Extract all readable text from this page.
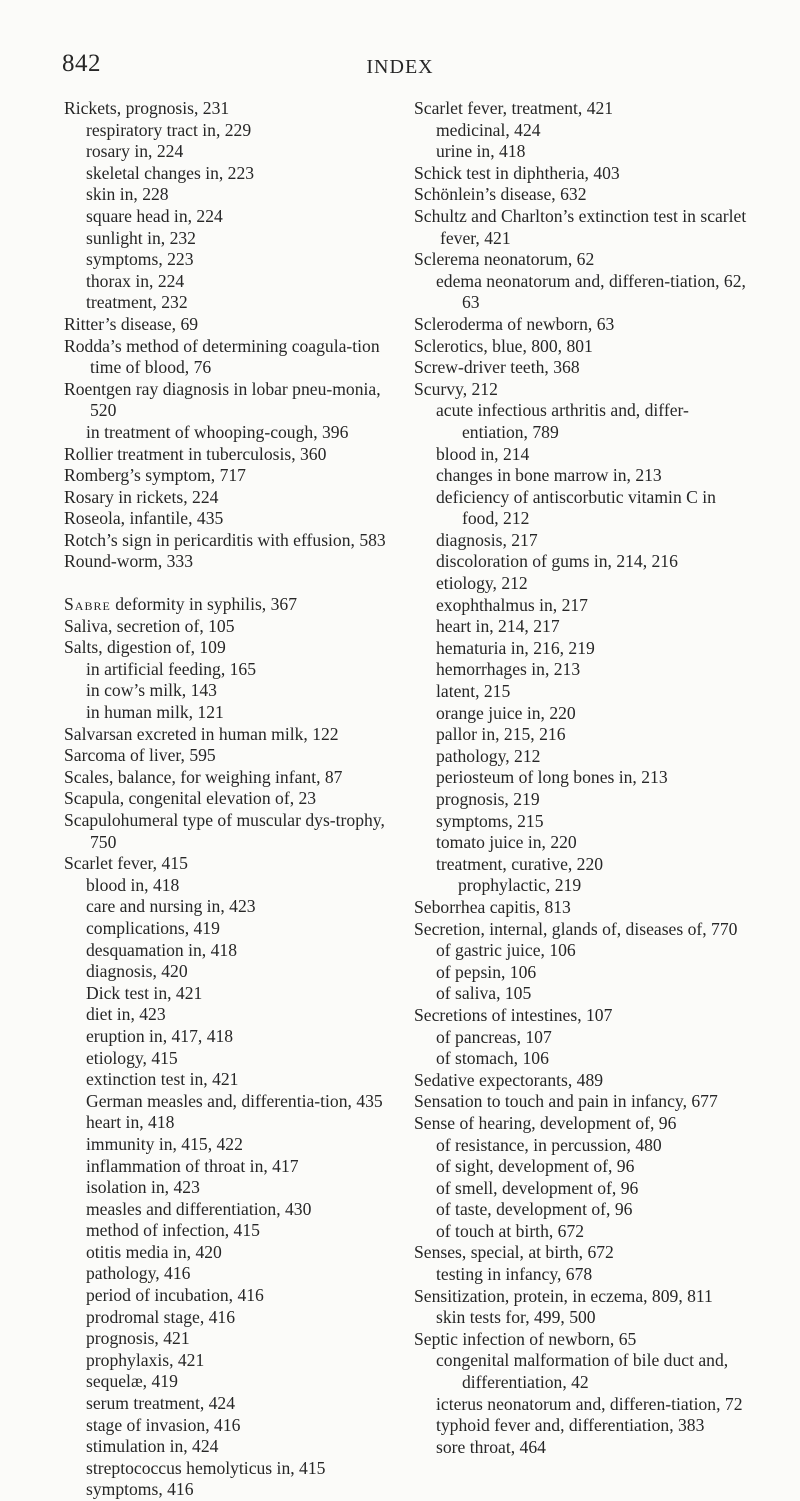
842	INDEX

Rickets, prognosis, 231

respiratory tract in, 229

rosary in, 224

skeletal changes in, 223

skin in, 228

square head in, 224

sunlight in, 232

symptoms, 223

thorax in, 224

treatment, 232

Ritter’s disease, 69

Rodda’s method of determining coagula-tion time of blood, 76

Roentgen ray diagnosis in lobar pneu-monia, 520

in treatment of whooping-cough, 396

Rollier treatment in tuberculosis, 360

Romberg’s symptom, 717

Rosary in rickets, 224

Roseola, infantile, 435

Rotch’s sign in pericarditis with effusion, 583

Round-worm, 333

Sabre deformity in syphilis, 367

Saliva, secretion of, 105

Salts, digestion of, 109

in artificial feeding, 165

in cow’s milk, 143

in human milk, 121

Salvarsan excreted in human milk, 122

Sarcoma of liver, 595

Scales, balance, for weighing infant, 87

Scapula, congenital elevation of, 23

Scapulohumeral type of muscular dys-trophy, 750

Scarlet fever, 415

blood in, 418

care and nursing in, 423

complications, 419

desquamation in, 418

diagnosis, 420

Dick test in, 421

diet in, 423

eruption in, 417, 418

etiology, 415

extinction test in, 421

German measles and, differentia-tion, 435

heart in, 418

immunity in, 415, 422

inflammation of throat in, 417

isolation in, 423

measles and differentiation, 430

method of infection, 415

otitis media in, 420

pathology, 416

period of incubation, 416

prodromal stage, 416

prognosis, 421

prophylaxis, 421

sequelæ, 419

serum treatment, 424

stage of invasion, 416

stimulation in, 424

streptococcus hemolyticus in, 415

symptoms, 416

Scarlet fever, treatment, 421

medicinal, 424

urine in, 418

Schick test in diphtheria, 403

Schönlein’s disease, 632

Schultz and Charlton’s extinction test in scarlet fever, 421

Sclerema neonatorum, 62

edema neonatorum and, differen-tiation, 62, 63

Scleroderma of newborn, 63

Sclerotics, blue, 800, 801

Screw-driver teeth, 368

Scurvy, 212

acute infectious arthritis and, differ-entiation, 789

blood in, 214

changes in bone marrow in, 213

deficiency of antiscorbutic vitamin C in food, 212

diagnosis, 217

discoloration of gums in, 214, 216

etiology, 212

exophthalmus in, 217

heart in, 214, 217

hematuria in, 216, 219

hemorrhages in, 213

latent, 215

orange juice in, 220

pallor in, 215, 216

pathology, 212

periosteum of long bones in, 213

prognosis, 219

symptoms, 215

tomato juice in, 220

treatment, curative, 220

prophylactic, 219

Seborrhea capitis, 813

Secretion, internal, glands of, diseases of, 770

of gastric juice, 106

of pepsin, 106

of saliva, 105

Secretions of intestines, 107

of pancreas, 107

of stomach, 106

Sedative expectorants, 489

Sensation to touch and pain in infancy, 677

Sense of hearing, development of, 96

of resistance, in percussion, 480

of sight, development of, 96

of smell, development of, 96

of taste, development of, 96

of touch at birth, 672

Senses, special, at birth, 672

testing in infancy, 678

Sensitization, protein, in eczema, 809, 811

skin tests for, 499, 500

Septic infection of newborn, 65

congenital malformation of bile duct and, differentiation, 42

icterus neonatorum and, differen-tiation, 72

typhoid fever and, differentiation, 383

sore throat, 464
